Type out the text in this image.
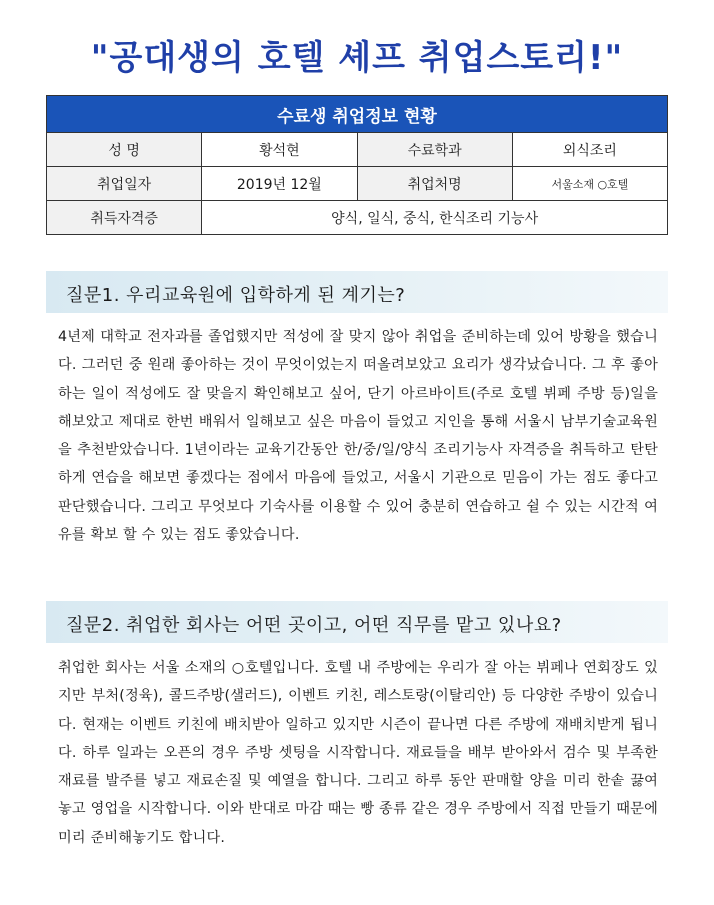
"공대생의 호텔 셰프 취업스토리!"
수료생 취업정보 현황			
성 명	황석현	수료학과	외식조리
취업일자	2019년 12월	취업처명	서울소재 ○호텔
취득자격증	양식, 일식, 중식, 한식조리 기능사		
질문1. 우리교육원에 입학하게 된 계기는?

4년제 대학교 전자과를 졸업했지만 적성에 잘 맞지 않아 취업을 준비하는데 있어 방황을 했습니다. 그러던 중 원래 좋아하는 것이 무엇이었는지 떠올려보았고 요리가 생각났습니다. 그 후 좋아하는 일이 적성에도 잘 맞을지 확인해보고 싶어, 단기 아르바이트(주로 호텔 뷔페 주방 등)일을 해보았고 제대로 한번 배워서 일해보고 싶은 마음이 들었고 지인을 통해 서울시 남부기술교육원을 추천받았습니다. 1년이라는 교육기간동안 한/중/일/양식 조리기능사 자격증을 취득하고 탄탄하게 연습을 해보면 좋겠다는 점에서 마음에 들었고, 서울시 기관으로 믿음이 가는 점도 좋다고 판단했습니다. 그리고 무엇보다 기숙사를 이용할 수 있어 충분히 연습하고 쉴 수 있는 시간적 여유를 확보 할 수 있는 점도 좋았습니다.

질문2. 취업한 회사는 어떤 곳이고, 어떤 직무를 맡고 있나요?

취업한 회사는 서울 소재의 ○호텔입니다. 호텔 내 주방에는 우리가 잘 아는 뷔페나 연회장도 있지만 부처(정육), 콜드주방(샐러드), 이벤트 키친, 레스토랑(이탈리안) 등 다양한 주방이 있습니다. 현재는 이벤트 키친에 배치받아 일하고 있지만 시즌이 끝나면 다른 주방에 재배치받게 됩니다. 하루 일과는 오픈의 경우 주방 셋팅을 시작합니다. 재료들을 배부 받아와서 검수 및 부족한 재료를 발주를 넣고 재료손질 및 예열을 합니다. 그리고 하루 동안 판매할 양을 미리 한솥 끓여 놓고 영업을 시작합니다. 이와 반대로 마감 때는 빵 종류 같은 경우 주방에서 직접 만들기 때문에 미리 준비해놓기도 합니다.
